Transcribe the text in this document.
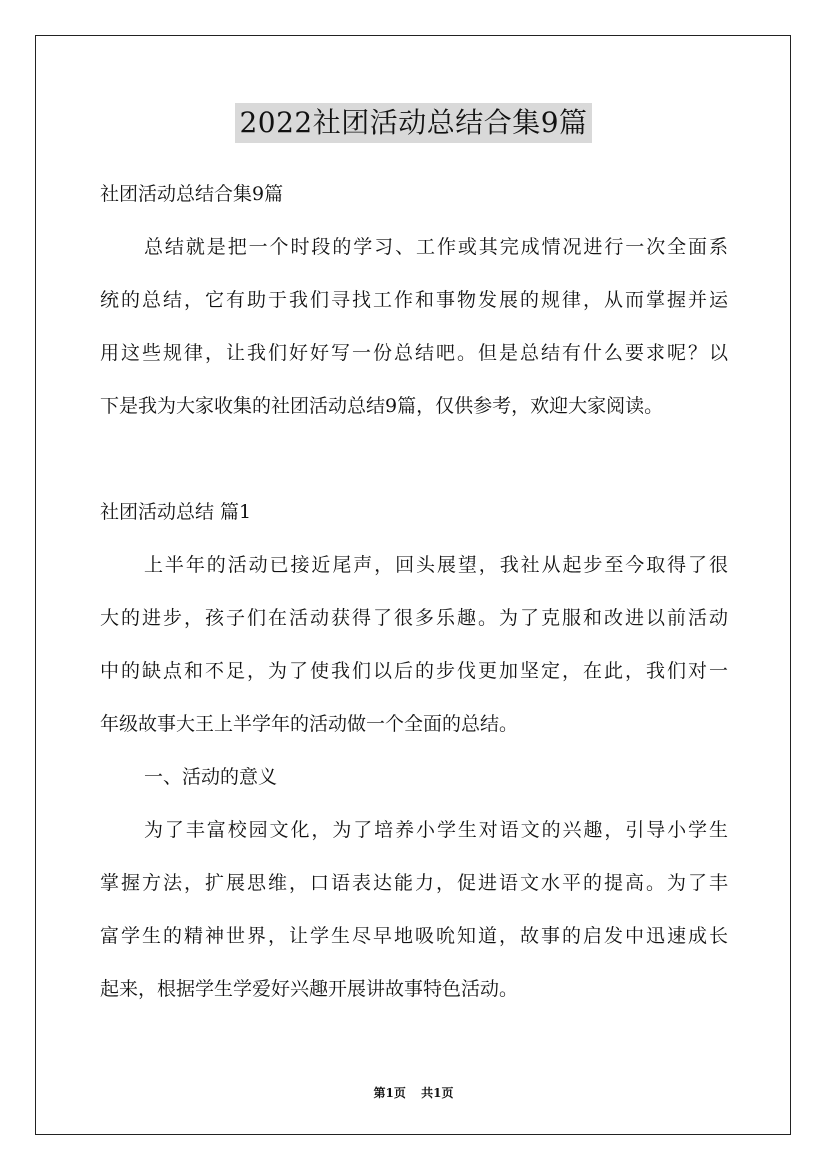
2022社团活动总结合集9篇

社团活动总结合集9篇

总结就是把一个时段的学习、工作或其完成情况进行一次全面系

统的总结，它有助于我们寻找工作和事物发展的规律，从而掌握并运

用这些规律，让我们好好写一份总结吧。但是总结有什么要求呢？以

下是我为大家收集的社团活动总结9篇，仅供参考，欢迎大家阅读。

社团活动总结 篇1

上半年的活动已接近尾声，回头展望，我社从起步至今取得了很

大的进步，孩子们在活动获得了很多乐趣。为了克服和改进以前活动

中的缺点和不足，为了使我们以后的步伐更加坚定，在此，我们对一

年级故事大王上半学年的活动做一个全面的总结。

一、活动的意义

为了丰富校园文化，为了培养小学生对语文的兴趣，引导小学生

掌握方法，扩展思维，口语表达能力，促进语文水平的提高。为了丰

富学生的精神世界，让学生尽早地吸吮知道，故事的启发中迅速成长

起来，根据学生学爱好兴趣开展讲故事特色活动。

第1页 共1页
